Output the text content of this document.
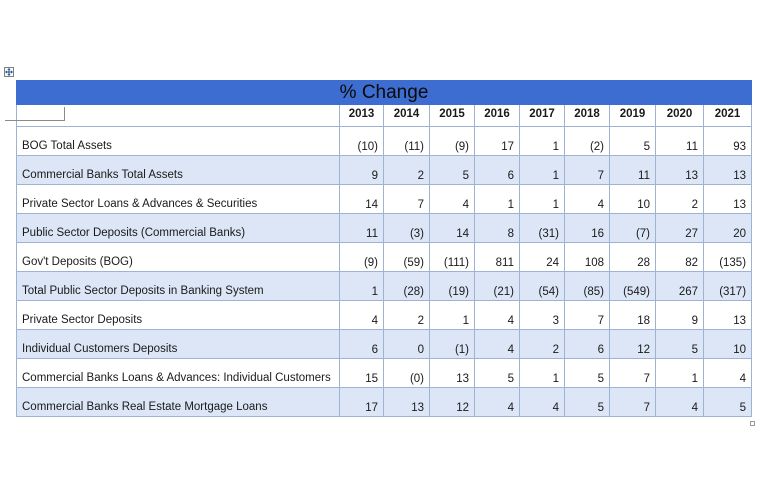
% Change									

	2013	2014	2015	2016	2017	2018	2019	2020	2021

BOG Total Assets	(10)	(11)	(9)	17	1	(2)	5	11	93

Commercial Banks Total Assets	9	2	5	6	1	7	11	13	13

Private Sector Loans & Advances & Securities	14	7	4	1	1	4	10	2	13

Public Sector Deposits (Commercial Banks)	11	(3)	14	8	(31)	16	(7)	27	20

Gov't Deposits (BOG)	(9)	(59)	(111)	811	24	108	28	82	(135)

Total Public Sector Deposits in Banking System	1	(28)	(19)	(21)	(54)	(85)	(549)	267	(317)

Private Sector Deposits	4	2	1	4	3	7	18	9	13

Individual Customers Deposits	6	0	(1)	4	2	6	12	5	10

Commercial Banks Loans & Advances: Individual Customers	15	(0)	13	5	1	5	7	1	4

Commercial Banks Real Estate Mortgage Loans	17	13	12	4	4	5	7	4	5
